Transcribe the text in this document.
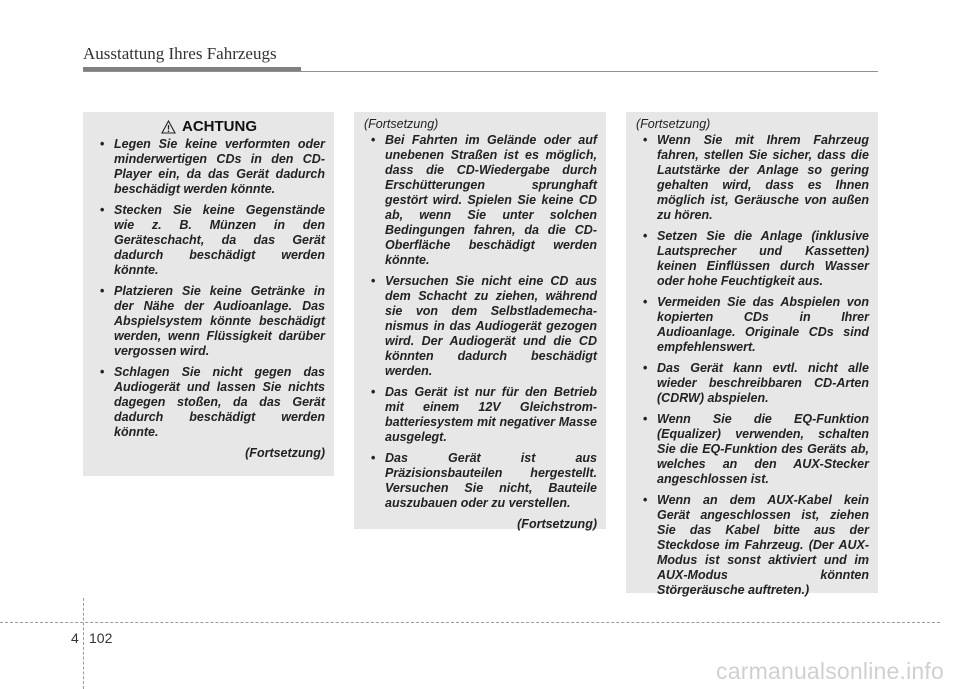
Ausstattung Ihres Fahrzeugs
ACHTUNG
• Legen Sie keine verformten oder minderwertigen CDs in den CD-Player ein, da das Gerät dadurch beschädigt werden könnte.
• Stecken Sie keine Gegenstände wie z. B. Münzen in den Geräteschacht, da das Gerät dadurch beschädigt werden könnte.
• Platzieren Sie keine Getränke in der Nähe der Audioanlage. Das Abspielsystem könnte beschädigt werden, wenn Flüssigkeit darüber vergossen wird.
• Schlagen Sie nicht gegen das Audiogerät und lassen Sie nichts dagegen stoßen, da das Gerät dadurch beschädigt werden könnte.
(Fortsetzung)
(Fortsetzung)
• Bei Fahrten im Gelände oder auf unebenen Straßen ist es möglich, dass die CD-Wiedergabe durch Erschütterungen sprunghaft gestört wird. Spielen Sie keine CD ab, wenn Sie unter solchen Bedingungen fahren, da die CD-Oberfläche beschädigt werden könnte.
• Versuchen Sie nicht eine CD aus dem Schacht zu ziehen, während sie von dem Selbstlademecha-nismus in das Audiogerät gezogen wird. Der Audiogerät und die CD könnten dadurch beschädigt werden.
• Das Gerät ist nur für den Betrieb mit einem 12V Gleichstrom-batteriesystem mit negativer Masse ausgelegt.
• Das Gerät ist aus Präzisionsbauteilen hergestellt. Versuchen Sie nicht, Bauteile auszubauen oder zu verstellen.
(Fortsetzung)
(Fortsetzung)
• Wenn Sie mit Ihrem Fahrzeug fahren, stellen Sie sicher, dass die Lautstärke der Anlage so gering gehalten wird, dass es Ihnen möglich ist, Geräusche von außen zu hören.
• Setzen Sie die Anlage (inklusive Lautsprecher und Kassetten) keinen Einflüssen durch Wasser oder hohe Feuchtigkeit aus.
• Vermeiden Sie das Abspielen von kopierten CDs in Ihrer Audioanlage. Originale CDs sind empfehlenswert.
• Das Gerät kann evtl. nicht alle wieder beschreibbaren CD-Arten (CDRW) abspielen.
• Wenn Sie die EQ-Funktion (Equalizer) verwenden, schalten Sie die EQ-Funktion des Geräts ab, welches an den AUX-Stecker angeschlossen ist.
• Wenn an dem AUX-Kabel kein Gerät angeschlossen ist, ziehen Sie das Kabel bitte aus der Steckdose im Fahrzeug. (Der AUX-Modus ist sonst aktiviert und im AUX-Modus könnten Störgeräusche auftreten.)
4 102
carmanualsonline.info
